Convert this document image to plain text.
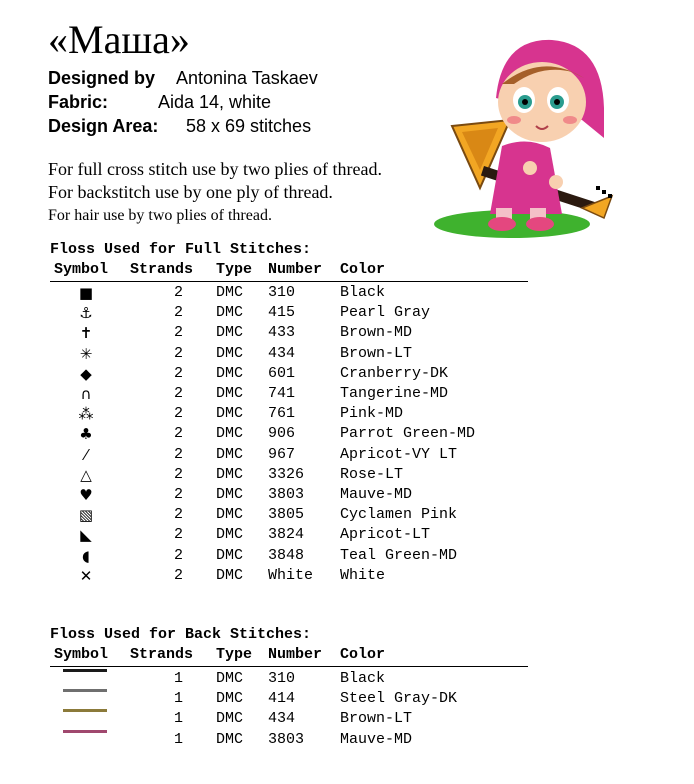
«Маша»
Designed by Antonina Taskaev
Fabric:	Aida 14, white
Design Area: 58 x 69 stitches
For full cross stitch use by two plies of thread.
For backstitch use by one ply of thread.
For hair use by two plies of thread.
Floss Used for Full Stitches:
Symbol Strands Type Number Color
■	2 DMC 310	Black
⚓	2 DMC 415	Pearl Gray
✝	2 DMC 433	Brown-MD
✳	2 DMC 434	Brown-LT
◆	2 DMC 601	Cranberry-DK
∩	2 DMC 741	Tangerine-MD
⁂	2 DMC 761	Pink-MD
♣	2 DMC 906	Parrot Green-MD
⁄	2 DMC 967	Apricot-VY LT
△	2 DMC 3326 Rose-LT
♥	2 DMC 3803 Mauve-MD
▧	2 DMC 3805 Cyclamen Pink
◣	2 DMC 3824 Apricot-LT
◖	2 DMC 3848 Teal Green-MD
✕	2 DMC White White
Floss Used for Back Stitches:
Symbol Strands Type Number Color
1 DMC 310	Black
1 DMC 414	Steel Gray-DK
1 DMC 434	Brown-LT
1 DMC 3803 Mauve-MD
